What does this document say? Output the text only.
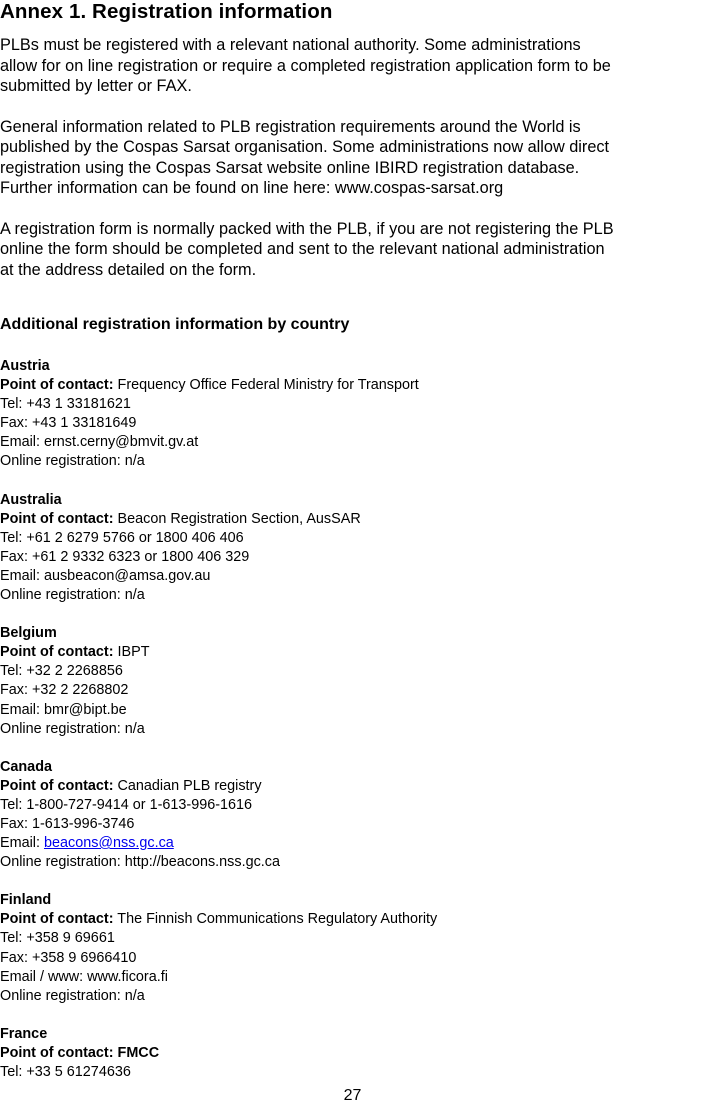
Annex 1. Registration information

PLBs must be registered with a relevant national authority. Some administrations
allow for on line registration or require a completed registration application form to be
submitted by letter or FAX.

General information related to PLB registration requirements around the World is
published by the Cospas Sarsat organisation. Some administrations now allow direct
registration using the Cospas Sarsat website online IBIRD registration database.
Further information can be found on line here: www.cospas-sarsat.org

A registration form is normally packed with the PLB, if you are not registering the PLB
online the form should be completed and sent to the relevant national administration
at the address detailed on the form.

Additional registration information by country
Austria
Point of contact: Frequency Office Federal Ministry for Transport
Tel: +43 1 33181621
Fax: +43 1 33181649
Email: ernst.cerny@bmvit.gv.at
Online registration: n/a
Australia
Point of contact: Beacon Registration Section, AusSAR
Tel: +61 2 6279 5766 or 1800 406 406
Fax: +61 2 9332 6323 or 1800 406 329
Email: ausbeacon@amsa.gov.au
Online registration: n/a
Belgium
Point of contact: IBPT
Tel: +32 2 2268856
Fax: +32 2 2268802
Email: bmr@bipt.be
Online registration: n/a
Canada
Point of contact: Canadian PLB registry
Tel: 1-800-727-9414 or 1-613-996-1616
Fax: 1-613-996-3746
Email: beacons@nss.gc.ca
Online registration: http://beacons.nss.gc.ca
Finland
Point of contact: The Finnish Communications Regulatory Authority
Tel: +358 9 69661
Fax: +358 9 6966410
Email / www: www.ficora.fi
Online registration: n/a
France
Point of contact: FMCC
Tel: +33 5 61274636
27
